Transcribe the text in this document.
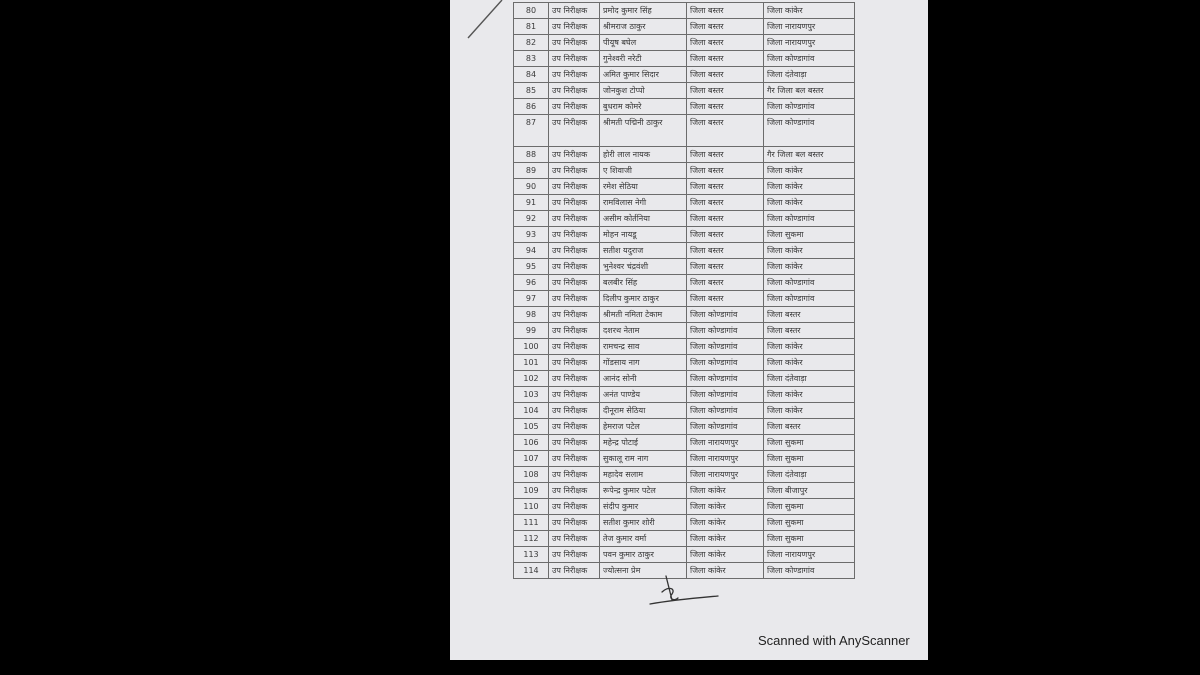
80	उप निरीक्षक	प्रमोद कुमार सिंह	जिला बस्तर	जिला कांकेर
81	उप निरीक्षक	श्रीमराज ठाकुर	जिला बस्तर	जिला नारायणपुर
82	उप निरीक्षक	पीयूष बघेल	जिला बस्तर	जिला नारायणपुर
83	उप निरीक्षक	गुनेश्वरी नरेटी	जिला बस्तर	जिला कोण्डागांव
84	उप निरीक्षक	अमित कुमार सिदार	जिला बस्तर	जिला दंतेवाड़ा
85	उप निरीक्षक	जोनकुश टोप्पो	जिला बस्तर	गैर जिला बल बस्तर
86	उप निरीक्षक	बुधराम कोमरे	जिला बस्तर	जिला कोण्डागांव
87	उप निरीक्षक	श्रीमती पद्मिनी ठाकुर	जिला बस्तर	जिला कोण्डागांव
88	उप निरीक्षक	होरी लाल नायक	जिला बस्तर	गैर जिला बल बस्तर
89	उप निरीक्षक	ए शिवाजी	जिला बस्तर	जिला कांकेर
90	उप निरीक्षक	रमेश सेठिया	जिला बस्तर	जिला कांकेर
91	उप निरीक्षक	रामविलास नेगी	जिला बस्तर	जिला कांकेर
92	उप निरीक्षक	असीम कोर्तनिया	जिला बस्तर	जिला कोण्डागांव
93	उप निरीक्षक	मोहन नायडू	जिला बस्तर	जिला सुकमा
94	उप निरीक्षक	सतीश यदुराज	जिला बस्तर	जिला कांकेर
95	उप निरीक्षक	भुनेश्वर चंद्रवंशी	जिला बस्तर	जिला कांकेर
96	उप निरीक्षक	बलबीर सिंह	जिला बस्तर	जिला कोण्डागांव
97	उप निरीक्षक	दिलीप कुमार ठाकुर	जिला बस्तर	जिला कोण्डागांव
98	उप निरीक्षक	श्रीमती नमिता टेकाम	जिला कोण्डागांव	जिला बस्तर
99	उप निरीक्षक	दशरथ नेताम	जिला कोण्डागांव	जिला बस्तर
100	उप निरीक्षक	रामचन्द्र साव	जिला कोण्डागांव	जिला कांकेर
101	उप निरीक्षक	गोंडसाय नाग	जिला कोण्डागांव	जिला कांकेर
102	उप निरीक्षक	आनंद सोनी	जिला कोण्डागांव	जिला दंतेवाड़ा
103	उप निरीक्षक	अनंत पाण्डेय	जिला कोण्डागांव	जिला कांकेर
104	उप निरीक्षक	दीनूराम सेठिया	जिला कोण्डागांव	जिला कांकेर
105	उप निरीक्षक	हेमराज पटेल	जिला कोण्डागांव	जिला बस्तर
106	उप निरीक्षक	महेन्द्र पोटाई	जिला नारायणपुर	जिला सुकमा
107	उप निरीक्षक	सुकालू राम नाग	जिला नारायणपुर	जिला सुकमा
108	उप निरीक्षक	महादेव सलाम	जिला नारायणपुर	जिला दंतेवाड़ा
109	उप निरीक्षक	रूपेन्द्र कुमार पटेल	जिला कांकेर	जिला बीजापुर
110	उप निरीक्षक	संदीप कुमार	जिला कांकेर	जिला सुकमा
111	उप निरीक्षक	सतीश कुमार शोरी	जिला कांकेर	जिला सुकमा
112	उप निरीक्षक	तेज कुमार वर्मा	जिला कांकेर	जिला सुकमा
113	उप निरीक्षक	पवन कुमार ठाकुर	जिला कांकेर	जिला नारायणपुर
114	उप निरीक्षक	ज्योत्सना प्रेम	जिला कांकेर	जिला कोण्डागांव
Scanned with AnyScanner
